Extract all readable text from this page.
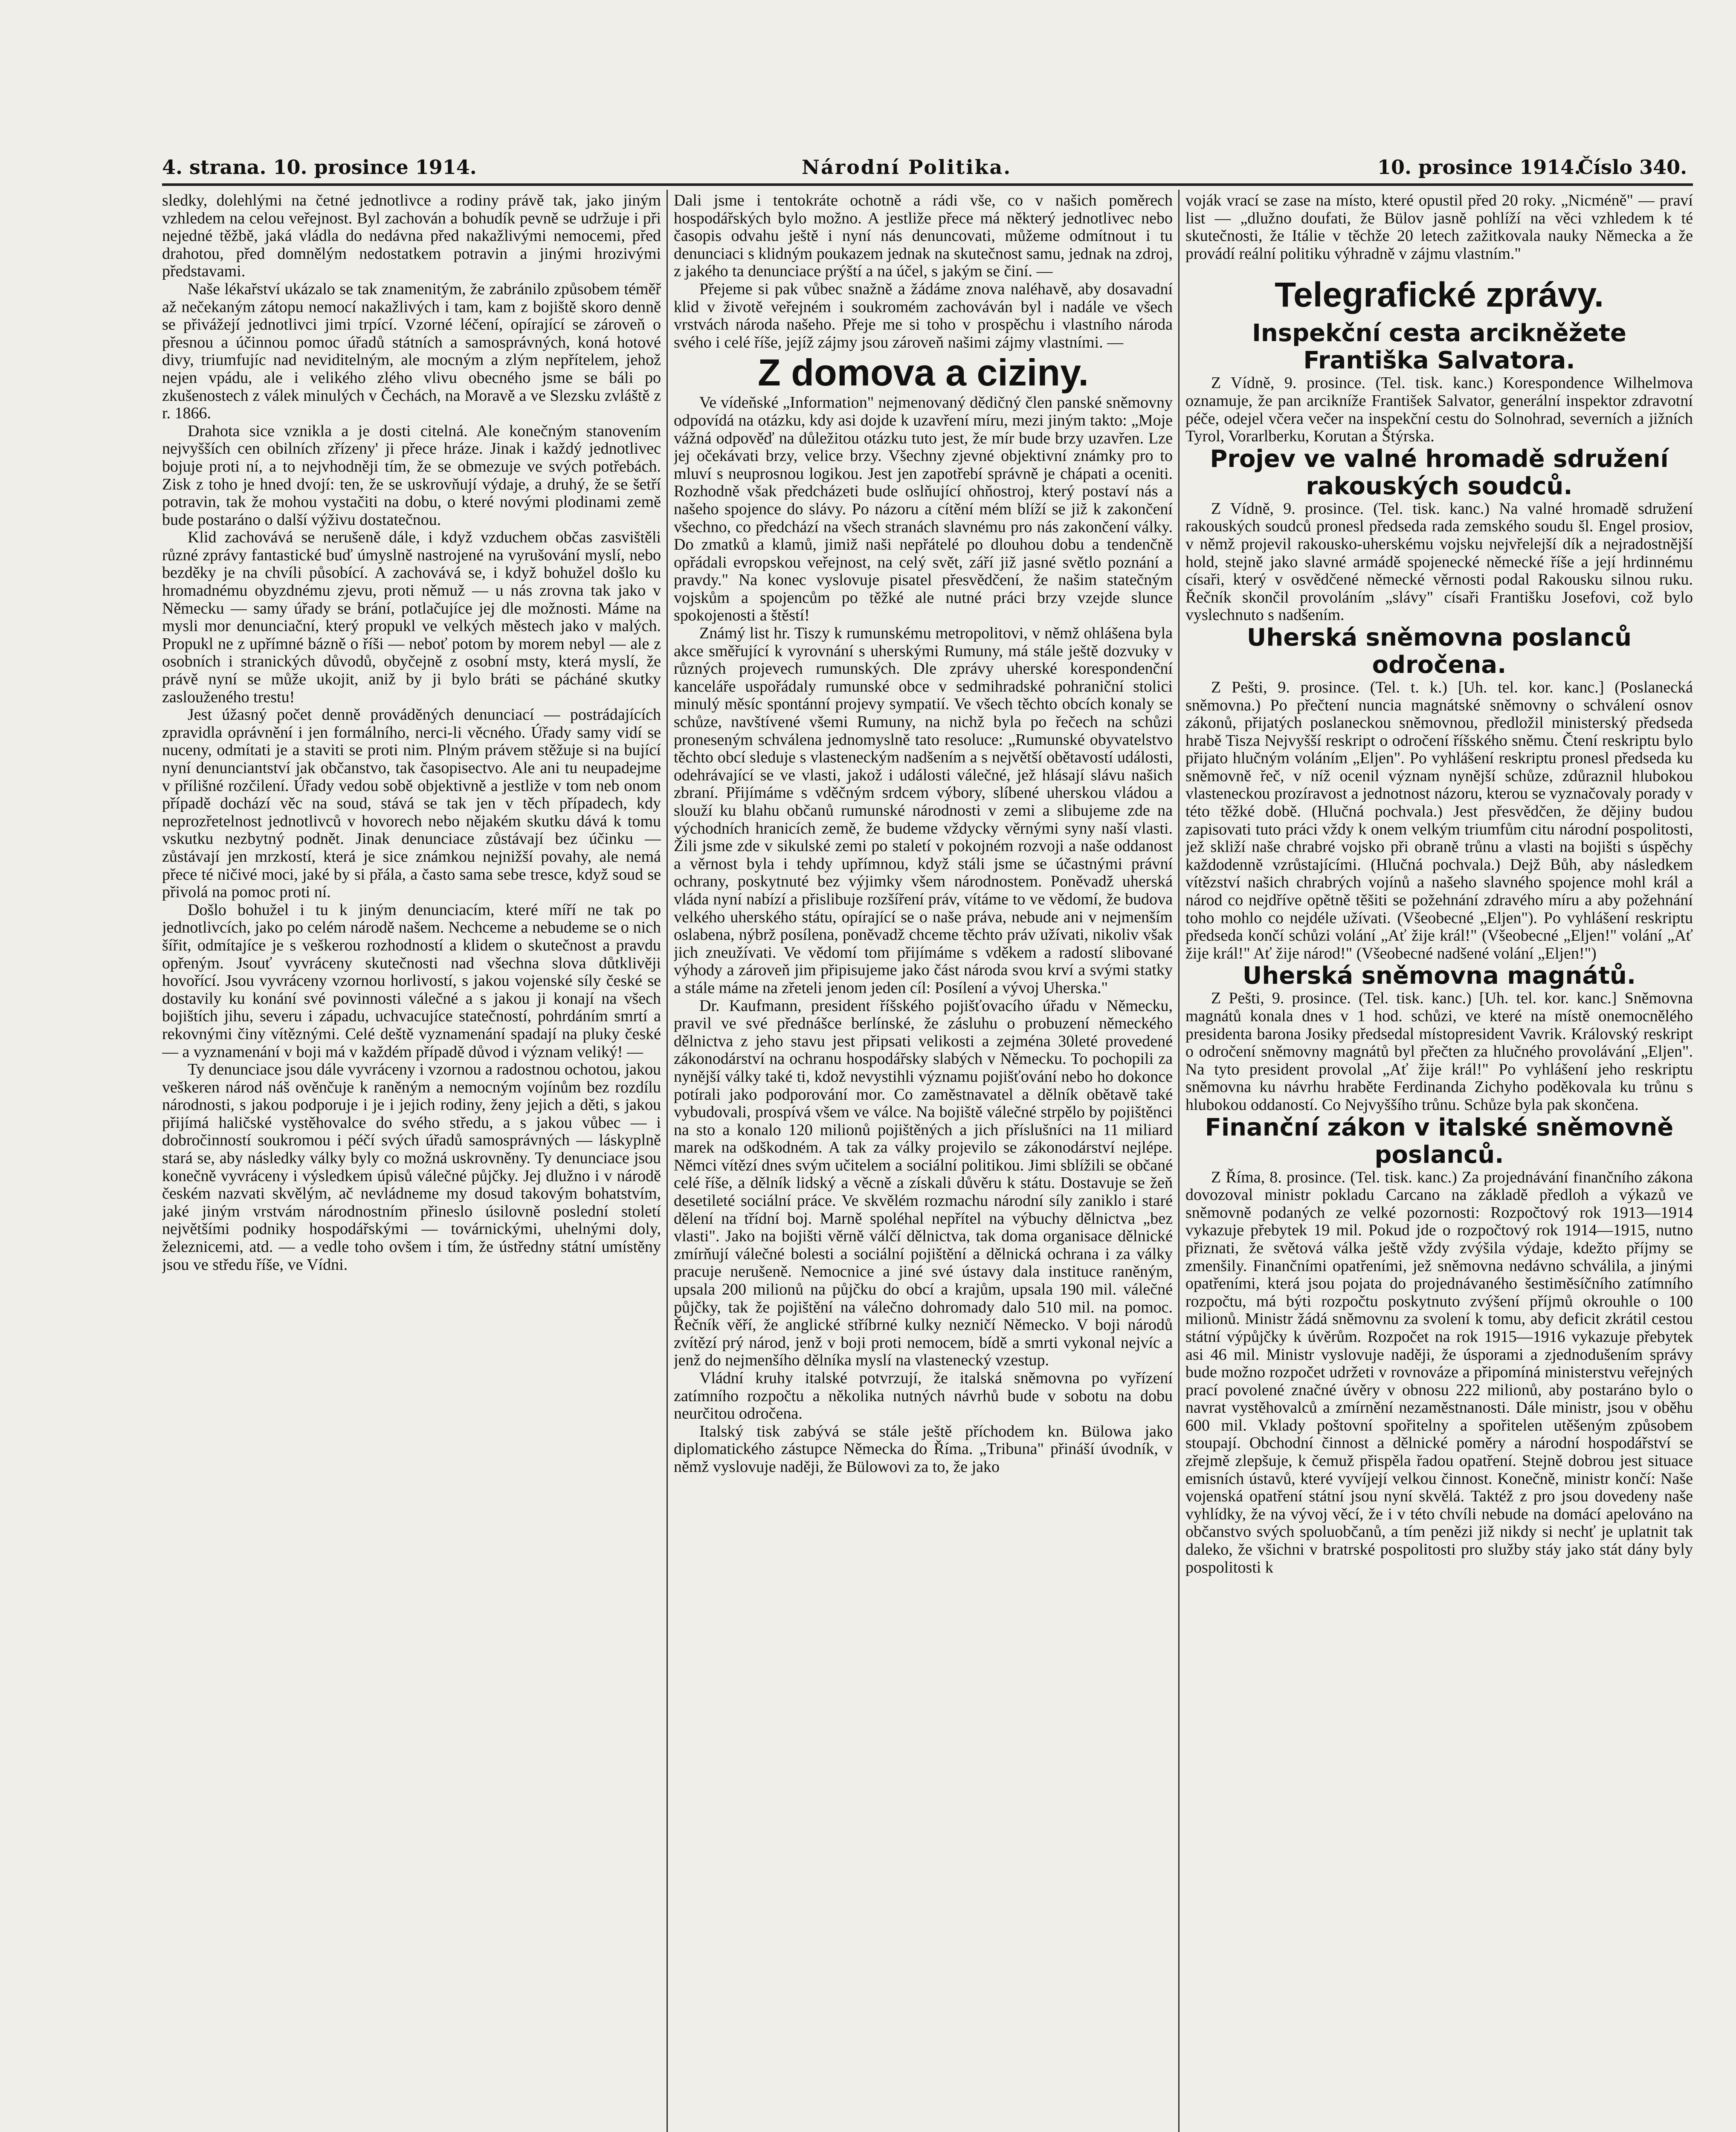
4. strana. 10. prosince 1914.	Národní Politika.	10. prosince 1914.
Číslo 340.

sledky, dolehlými na četné jednotlivce a rodiny právě tak, jako jiným vzhledem na celou veřejnost. Byl zachován a bohudík pevně se udržuje i při nejedné těžbě, jaká vládla do nedávna před nakažlivými nemocemi, před drahotou, před domnělým nedostatkem potravin a jinými hrozivými představami.

Naše lékařství ukázalo se tak znamenitým, že zabránilo způsobem téměř až nečekaným zátopu nemocí nakažlivých i tam, kam z bojiště skoro denně se přivážejí jednotlivci jimi trpící. Vzorné léčení, opírající se zároveň o přesnou a účinnou pomoc úřadů státních a samosprávných, koná hotové divy, triumfujíc nad neviditelným, ale mocným a zlým nepřítelem, jehož nejen vpádu, ale i velikého zlého vlivu obecného jsme se báli po zkušenostech z válek minulých v Čechách, na Moravě a ve Slezsku zvláště z r. 1866.

Drahota sice vznikla a je dosti citelná. Ale konečným stanovením nejvyšších cen obilních zřízeny' ji přece hráze. Jinak i každý jednotlivec bojuje proti ní, a to nejvhodněji tím, že se obmezuje ve svých potřebách. Zisk z toho je hned dvojí: ten, že se uskrovňují výdaje, a druhý, že se šetří potravin, tak že mohou vystačiti na dobu, o které novými plodinami země bude postaráno o další výživu dostatečnou.

Klid zachovává se nerušeně dále, i když vzduchem občas zasvištěli různé zprávy fantastické buď úmyslně nastrojené na vyrušování myslí, nebo bezděky je na chvíli působící. A zachovává se, i když bohužel došlo ku hromadnému obyzdnému zjevu, proti němuž — u nás zrovna tak jako v Německu — samy úřady se brání, potlačujíce jej dle možnosti. Máme na mysli mor denunciační, který propukl ve velkých městech jako v malých. Propukl ne z upřímné bázně o říši — neboť potom by morem nebyl — ale z osobních i stranických důvodů, obyčejně z osobní msty, která myslí, že právě nyní se může ukojit, aniž by ji bylo bráti se pácháné skutky zaslouženého trestu!

Jest úžasný počet denně prováděných denunciací — postrádajících zpravidla oprávnění i jen formálního, nerci-li věcného. Úřady samy vidí se nuceny, odmítati je a staviti se proti nim. Plným právem stěžuje si na bující nyní denunciantství jak občanstvo, tak časopisectvo. Ale ani tu neupadejme v přílišné rozčilení. Úřady vedou sobě objektivně a jestliže v tom neb onom případě dochází věc na soud, stává se tak jen v těch případech, kdy neprozřetelnost jednotlivců v hovorech nebo nějakém skutku dává k tomu vskutku nezbytný podnět. Jinak denunciace zůstávají bez účinku — zůstávají jen mrzkostí, která je sice známkou nejnižší povahy, ale nemá přece té ničivé moci, jaké by si přála, a často sama sebe tresce, když soud se přivolá na pomoc proti ní.

Došlo bohužel i tu k jiným denunciacím, které míří ne tak po jednotlivcích, jako po celém národě našem. Nechceme a nebudeme se o nich šířit, odmítajíce je s veškerou rozhodností a klidem o skutečnost a pravdu opřeným. Jsouť vyvráceny skutečnosti nad všechna slova důtklivěji hovořící. Jsou vyvráceny vzornou horlivostí, s jakou vojenské síly české se dostavily ku konání své povinnosti válečné a s jakou ji konají na všech bojištích jihu, severu i západu, uchvacujíce statečností, pohrdáním smrtí a rekovnými činy vítěznými. Celé deště vyznamenání spadají na pluky české — a vyznamenání v boji má v každém případě důvod i význam veliký! —

Ty denunciace jsou dále vyvráceny i vzornou a radostnou ochotou, jakou veškeren národ náš ověnčuje k raněným a nemocným vojínům bez rozdílu národnosti, s jakou podporuje i je i jejich rodiny, ženy jejich a děti, s jakou přijímá haličské vystěhovalce do svého středu, a s jakou vůbec — i dobročinností soukromou i péčí svých úřadů samosprávných — láskyplně stará se, aby následky války byly co možná uskrovněny. Ty denunciace jsou konečně vyvráceny i výsledkem úpisů válečné půjčky. Jej dlužno i v národě českém nazvati skvělým, ač nevládneme my dosud takovým bohatstvím, jaké jiným vrstvám národnostním přineslo úsilovně poslední století největšími podniky hospodářskými — továrnickými, uhelnými doly, železnicemi, atd. — a vedle toho ovšem i tím, že ústředny státní umístěny jsou ve středu říše, ve Vídni.

Dali jsme i tentokráte ochotně a rádi vše, co v našich poměrech hospodářských bylo možno. A jestliže přece má některý jednotlivec nebo časopis odvahu ještě i nyní nás denuncovati, můžeme odmítnout i tu denunciaci s klidným poukazem jednak na skutečnost samu, jednak na zdroj, z jakého ta denunciace prýští a na účel, s jakým se činí. —

Přejeme si pak vůbec snažně a žádáme znova naléhavě, aby dosavadní klid v životě veřejném i soukromém zachováván byl i nadále ve všech vrstvách národa našeho. Přeje me si toho v prospěchu i vlastního národa svého i celé říše, jejíž zájmy jsou zároveň našimi zájmy vlastními. —

Z domova a ciziny.

Ve vídeňské „Information" nejmenovaný dědičný člen panské sněmovny odpovídá na otázku, kdy asi dojde k uzavření míru, mezi jiným takto: „Moje vážná odpověď na důležitou otázku tuto jest, že mír bude brzy uzavřen. Lze jej očekávati brzy, velice brzy. Všechny zjevné objektivní známky pro to mluví s neuprosnou logikou. Jest jen zapotřebí správně je chápati a oceniti. Rozhodně však předcházeti bude oslňující ohňostroj, který postaví nás a našeho spojence do slávy. Po názoru a cítění mém blíží se již k zakončení všechno, co předchází na všech stranách slavnému pro nás zakončení války. Do zmatků a klamů, jimiž naši nepřátelé po dlouhou dobu a tendenčně opřádali evropskou veřejnost, na celý svět, září již jasné světlo poznání a pravdy." Na konec vyslovuje pisatel přesvědčení, že našim statečným vojskům a spojencům po těžké ale nutné práci brzy vzejde slunce spokojenosti a štěstí!

Známý list hr. Tiszy k rumunskému metropolitovi, v němž ohlášena byla akce směřující k vyrovnání s uherskými Rumuny, má stále ještě dozvuky v různých projevech rumunských. Dle zprávy uherské korespondenční kanceláře uspořádaly rumunské obce v sedmihradské pohraniční stolici minulý měsíc spontánní projevy sympatií. Ve všech těchto obcích konaly se schůze, navštívené všemi Rumuny, na nichž byla po řečech na schůzi proneseným schválena jednomyslně tato resoluce: „Rumunské obyvatelstvo těchto obcí sleduje s vlasteneckým nadšením a s největší obětavostí události, odehrávající se ve vlasti, jakož i události válečné, jež hlásají slávu našich zbraní. Přijímáme s vděčným srdcem výbory, slíbené uherskou vládou a slouží ku blahu občanů rumunské národnosti v zemi a slibujeme zde na východních hranicích země, že budeme vždycky věrnými syny naší vlasti. Žili jsme zde v sikulské zemi po staletí v pokojném rozvoji a naše oddanost a věrnost byla i tehdy upřímnou, když stáli jsme se účastnými právní ochrany, poskytnuté bez výjimky všem národnostem. Poněvadž uherská vláda nyní nabízí a přislibuje rozšíření práv, vítáme to ve vědomí, že budova velkého uherského státu, opírající se o naše práva, nebude ani v nejmenším oslabena, nýbrž posílena, poněvadž chceme těchto práv užívati, nikoliv však jich zneužívati. Ve vědomí tom přijímáme s vděkem a radostí slibované výhody a zároveň jim připisujeme jako část národa svou krví a svými statky a stále máme na zřeteli jenom jeden cíl: Posílení a vývoj Uherska."

Dr. Kaufmann, president říšského pojišťovacího úřadu v Německu, pravil ve své přednášce berlínské, že zásluhu o probuzení německého dělnictva z jeho stavu jest připsati velikosti a zejména 30leté provedené zákonodárství na ochranu hospodářsky slabých v Německu. To pochopili za nynější války také ti, kdož nevystihli významu pojišťování nebo ho dokonce potírali jako podporování mor. Co zaměstnavatel a dělník obětavě také vybudovali, prospívá všem ve válce. Na bojiště válečné strpělo by pojištěnci na sto a konalo 120 milionů pojištěných a jich příslušníci na 11 miliard marek na odškodném. A tak za války projevilo se zákonodárství nejlépe. Němci vítězí dnes svým učitelem a sociální politikou. Jimi sblížili se občané celé říše, a dělník lidský a věcně a získali důvěru k státu. Dostavuje se žeň desetileté sociální práce. Ve skvělém rozmachu národní síly zaniklo i staré dělení na třídní boj. Marně spoléhal nepřítel na výbuchy dělnictva „bez vlasti". Jako na bojišti věrně válčí dělnictva, tak doma organisace dělnické zmírňují válečné bolesti a sociální pojištění a dělnická ochrana i za války pracuje nerušeně. Nemocnice a jiné své ústavy dala instituce raněným, upsala 200 milionů na půjčku do obcí a krajům, upsala 190 mil. válečné půjčky, tak že pojištění na válečno dohromady dalo 510 mil. na pomoc. Řečník věří, že anglické stříbrné kulky nezničí Německo. V boji národů zvítězí prý národ, jenž v boji proti nemocem, bídě a smrti vykonal nejvíc a jenž do nejmenšího dělníka myslí na vlastenecký vzestup.

Vládní kruhy italské potvrzují, že italská sněmovna po vyřízení zatímního rozpočtu a několika nutných návrhů bude v sobotu na dobu neurčitou odročena.

Italský tisk zabývá se stále ještě příchodem kn. Bülowa jako diplomatického zástupce Německa do Říma. „Tribuna" přináší úvodník, v němž vyslovuje naději, že Bülowovi za to, že jako

voják vrací se zase na místo, které opustil před 20 roky. „Nicméně" — praví list — „dlužno doufati, že Bülov jasně pohlíží na věci vzhledem k té skutečnosti, že Itálie v těchže 20 letech zažitkovala nauky Německa a že provádí reální politiku výhradně v zájmu vlastním."

Telegrafické zprávy.

Inspekční cesta arcikněžete Františka Salvatora.

Z Vídně, 9. prosince. (Tel. tisk. kanc.) Korespondence Wilhelmova oznamuje, že pan arcikníže František Salvator, generální inspektor zdravotní péče, odejel včera večer na inspekční cestu do Solnohrad, severních a jižních Tyrol, Vorarlberku, Korutan a Štýrska.

Projev ve valné hromadě sdružení rakouských soudců.

Z Vídně, 9. prosince. (Tel. tisk. kanc.) Na valné hromadě sdružení rakouských soudců pronesl předseda rada zemského soudu šl. Engel prosiov, v němž projevil rakousko-uherskému vojsku nejvřelejší dík a nejradostnější hold, stejně jako slavné armádě spojenecké německé říše a její hrdinnému císaři, který v osvědčené německé věrnosti podal Rakousku silnou ruku. Řečník skončil provoláním „slávy" císaři Františku Josefovi, což bylo vyslechnuto s nadšením.

Uherská sněmovna poslanců odročena.

Z Pešti, 9. prosince. (Tel. t. k.) [Uh. tel. kor. kanc.] (Poslanecká sněmovna.) Po přečtení nuncia magnátské sněmovny o schválení osnov zákonů, přijatých poslaneckou sněmovnou, předložil ministerský předseda hrabě Tisza Nejvyšší reskript o odročení říšského sněmu. Čtení reskriptu bylo přijato hlučným voláním „Eljen". Po vyhlášení reskriptu pronesl předseda ku sněmovně řeč, v níž ocenil význam nynější schůze, zdůraznil hlubokou vlasteneckou prozíravost a jednotnost názoru, kterou se vyznačovaly porady v této těžké době. (Hlučná pochvala.) Jest přesvědčen, že dějiny budou zapisovati tuto práci vždy k onem velkým triumfům citu národní pospolitosti, jež skliží naše chrabré vojsko při obraně trůnu a vlasti na bojišti s úspěchy každodenně vzrůstajícími. (Hlučná pochvala.) Dejž Bůh, aby následkem vítězství našich chrabrých vojínů a našeho slavného spojence mohl král a národ co nejdříve opětně těšiti se požehnání zdravého míru a aby požehnání toho mohlo co nejdéle užívati. (Všeobecné „Eljen"). Po vyhlášení reskriptu předseda končí schůzi volání „Ať žije král!" (Všeobecné „Eljen!" volání „Ať žije král!" Ať žije národ!" (Všeobecné nadšené volání „Eljen!")

Uherská sněmovna magnátů.

Z Pešti, 9. prosince. (Tel. tisk. kanc.) [Uh. tel. kor. kanc.] Sněmovna magnátů konala dnes v 1 hod. schůzi, ve které na místě onemocnělého presidenta barona Josiky předsedal místopresident Vavrik. Královský reskript o odročení sněmovny magnátů byl přečten za hlučného provolávání „Eljen". Na tyto president provolal „Ať žije král!" Po vyhlášení jeho reskriptu sněmovna ku návrhu hraběte Ferdinanda Zichyho poděkovala ku trůnu s hlubokou oddaností. Co Nejvyššího trůnu. Schůze byla pak skončena.

Finanční zákon v italské sněmovně poslanců.

Z Říma, 8. prosince. (Tel. tisk. kanc.) Za projednávání finančního zákona dovozoval ministr pokladu Carcano na základě předloh a výkazů ve sněmovně podaných ze velké pozornosti: Rozpočtový rok 1913—1914 vykazuje přebytek 19 mil. Pokud jde o rozpočtový rok 1914—1915, nutno přiznati, že světová válka ještě vždy zvýšila výdaje, kdežto příjmy se zmenšily. Finančními opatřeními, jež sněmovna nedávno schválila, a jinými opatřeními, která jsou pojata do projednávaného šestiměsíčního zatímního rozpočtu, má býti rozpočtu poskytnuto zvýšení příjmů okrouhle o 100 milionů. Ministr žádá sněmovnu za svolení k tomu, aby deficit zkrátil cestou státní výpůjčky k úvěrům. Rozpočet na rok 1915—1916 vykazuje přebytek asi 46 mil. Ministr vyslovuje naději, že úsporami a zjednodušením správy bude možno rozpočet udržeti v rovnováze a připomíná ministerstvu veřejných prací povolené značné úvěry v obnosu 222 milionů, aby postaráno bylo o navrat vystěhovalců a zmírnění nezaměstnanosti. Dále ministr, jsou v oběhu 600 mil. Vklady poštovní spořitelny a spořitelen utěšeným způsobem stoupají. Obchodní činnost a dělnické poměry a národní hospodářství se zřejmě zlepšuje, k čemuž přispěla řadou opatření. Stejně dobrou jest situace emisních ústavů, které vyvíjejí velkou činnost. Konečně, ministr končí: Naše vojenská opatření státní jsou nyní skvělá. Taktéž z pro jsou dovedeny naše vyhlídky, že na vývoj věcí, že i v této chvíli nebude na domácí apelováno na občanstvo svých spoluobčanů, a tím penězi již nikdy si nechť je uplatnit tak daleko, že všichni v bratrské pospolitosti pro služby stáy jako stát dány byly pospolitosti k
